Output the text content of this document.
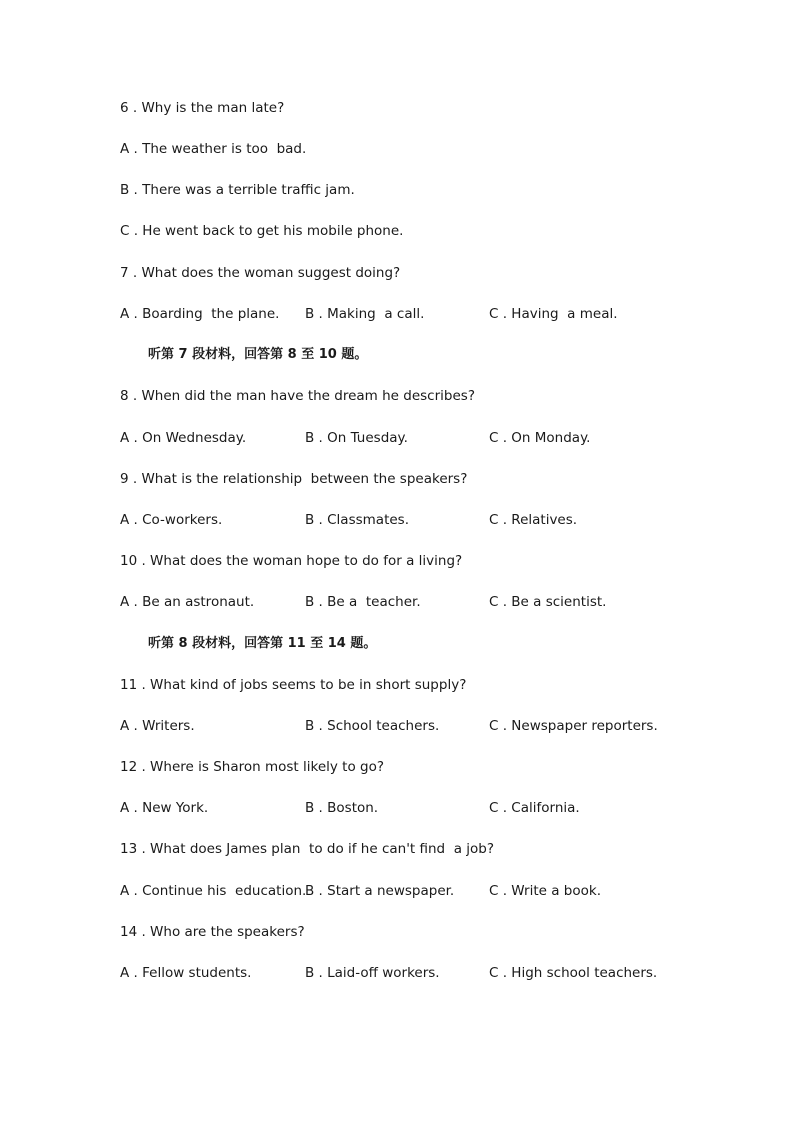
6 . Why is the man late?
A . The weather is too  bad.
B . There was a terrible traffic jam.
C . He went back to get his mobile phone.
7 . What does the woman suggest doing?
A . Boarding  the plane. B . Making  a call.	C . Having  a meal.
听第 7 段材料，回答第 8 至 10 题。
8 . When did the man have the dream he describes?
A . On Wednesday.	B . On Tuesday.	C . On Monday.
9 . What is the relationship  between the speakers?
A . Co-workers.	B . Classmates.	C . Relatives.
10 . What does the woman hope to do for a living?
A . Be an astronaut.	B . Be a  teacher.	C . Be a scientist.
听第 8 段材料，回答第 11 至 14 题。
11 . What kind of jobs seems to be in short supply?
A . Writers.	B . School teachers.	C . Newspaper reporters.
12 . Where is Sharon most likely to go?
A . New York.	B . Boston.	C . California.
13 . What does James plan  to do if he can't find  a job?
A . Continue his  education.
B . Start a newspaper.	C . Write a book.
14 . Who are the speakers?
A . Fellow students.	B . Laid-off workers.	C . High school teachers.
